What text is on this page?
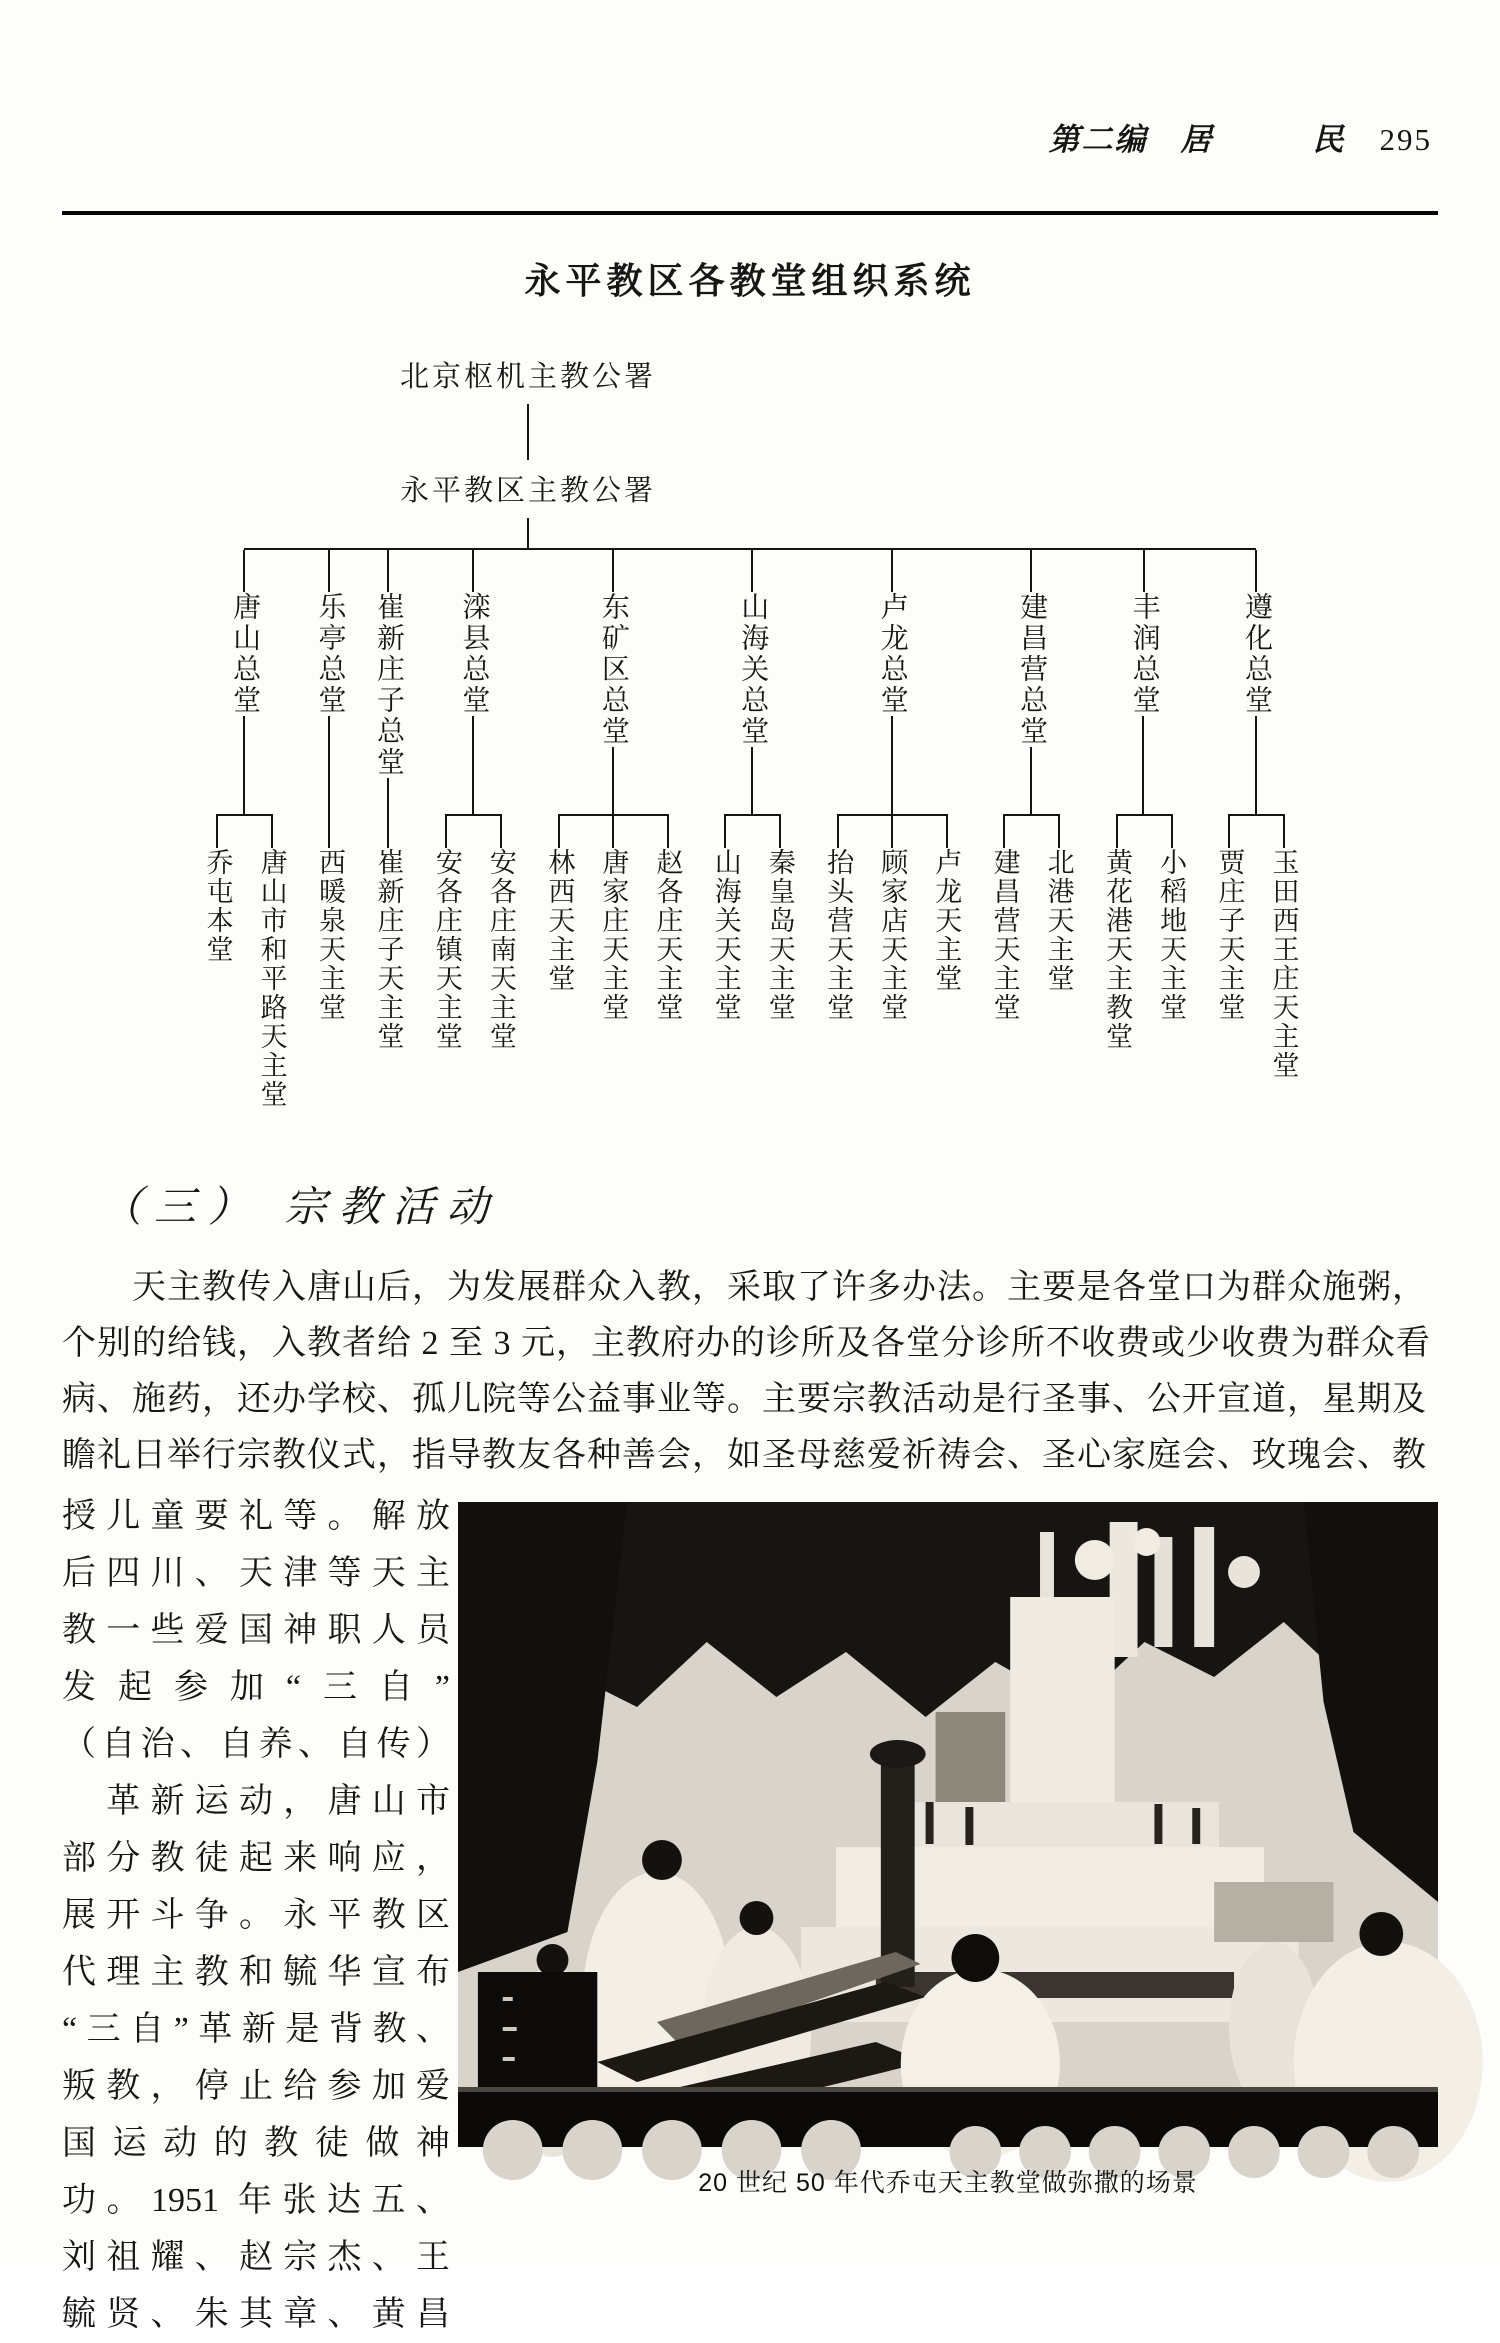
第二编　居　　　民 295

永平教区各教堂组织系统
北京枢机主教公署
永平教区主教公署
唐山总堂
乔屯本堂 唐山市和平路天主堂
乐亭总堂
西暖泉天主堂
崔新庄子总堂
崔新庄子天主堂
滦县总堂
安各庄镇天主堂 安各庄南天主堂
东矿区总堂
林西天主堂 唐家庄天主堂 赵各庄天主堂
山海关总堂
山海关天主堂 秦皇岛天主堂
卢龙总堂
抬头营天主堂 顾家店天主堂 卢龙天主堂
建昌营总堂
建昌营天主堂 北港天主堂
丰润总堂
黄花港天主教堂 小稻地天主堂
遵化总堂
贾庄子天主堂 玉田西王庄天主堂
（三） 宗教活动
　　天主教传入唐山后，为发展群众入教，采取了许多办法。主要是各堂口为群众施粥，
个别的给钱，入教者给 2 至 3 元，主教府办的诊所及各堂分诊所不收费或少收费为群众看
病、施药，还办学校、孤儿院等公益事业等。主要宗教活动是行圣事、公开宣道，星期及
瞻礼日举行宗教仪式，指导教友各种善会，如圣母慈爱祈祷会、圣心家庭会、玫瑰会、教
授儿童要礼等。解放
后四川、天津等天主
教一些爱国神职人员
发起参加“三自”
（自治、自养、自传）
　革新运动，唐山市
部分教徒起来响应，
展开斗争。永平教区
代理主教和毓华宣布
“三自”革新是背教、
叛教，停止给参加爱
国运动的教徒做神
功。1951 年张达五、
刘祖耀、赵宗杰、王
毓贤、朱其章、黄昌
20 世纪 50 年代乔屯天主教堂做弥撒的场景
